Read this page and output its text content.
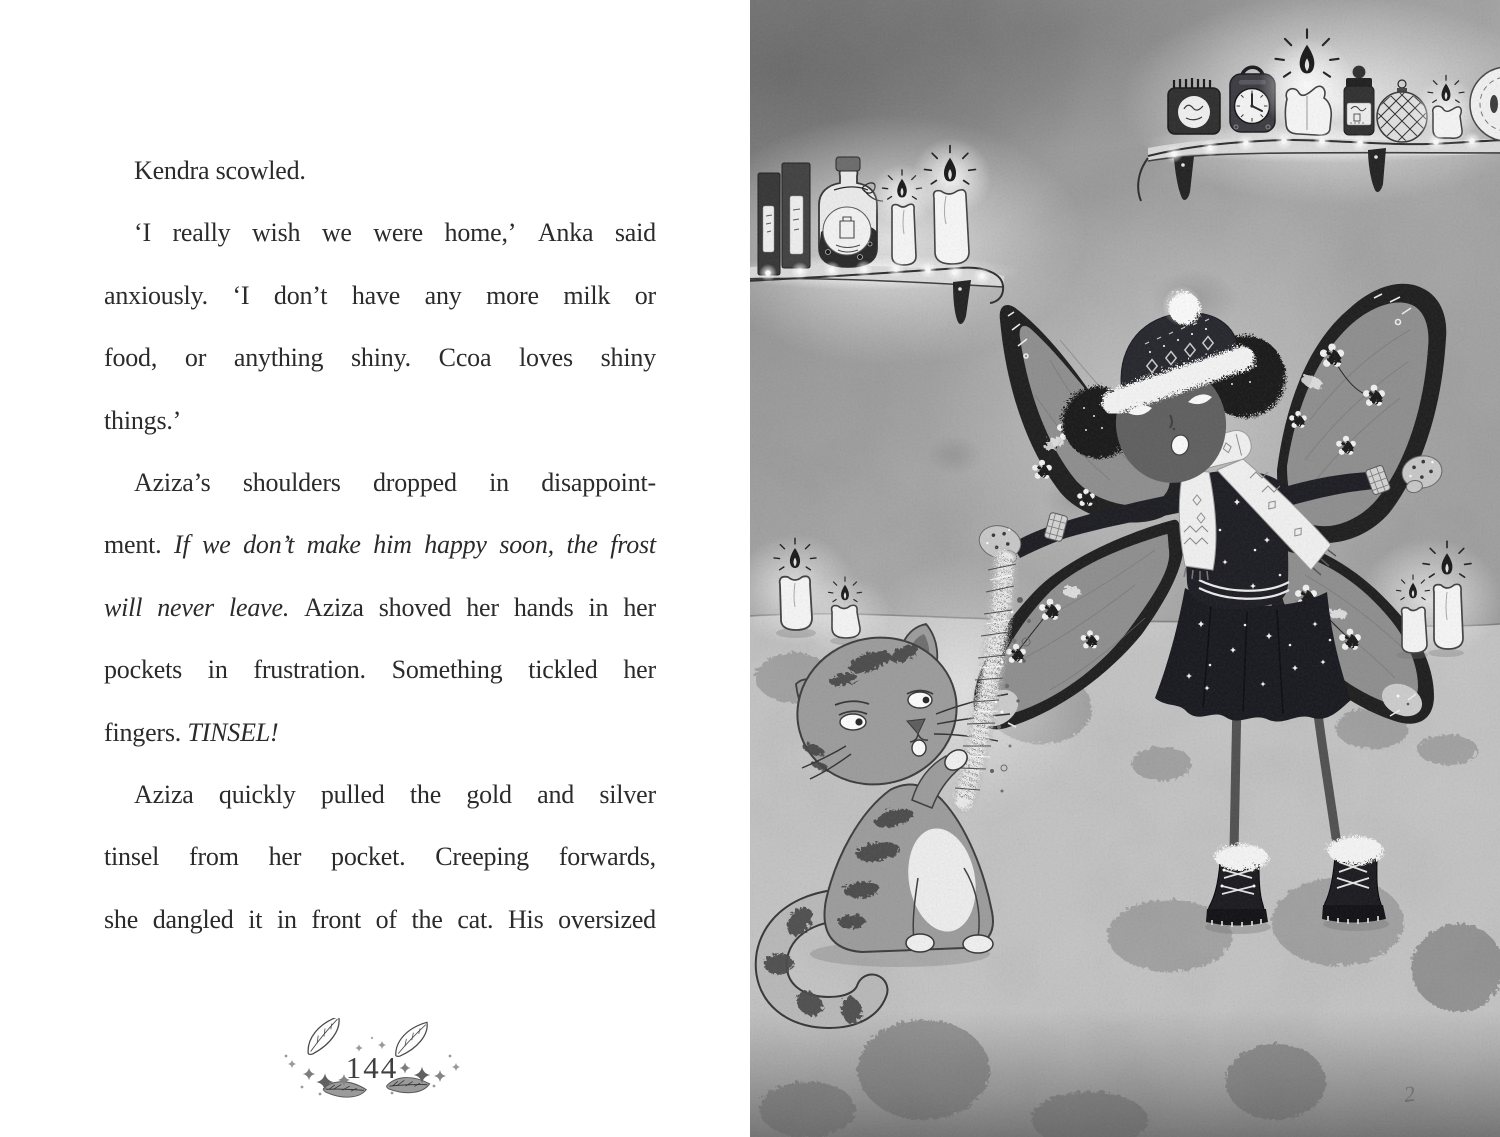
Kendra scowled.
‘I really wish we were home,’ Anka said
anxiously. ‘I don’t have any more milk or
food, or anything shiny. Ccoa loves shiny
things.’
Aziza’s shoulders dropped in disappoint-
ment. If we don’t make him happy soon, the frost
will never leave. Aziza shoved her hands in her
pockets in frustration. Something tickled her
fingers. TINSEL!
Aziza quickly pulled the gold and silver
tinsel from her pocket. Creeping forwards,
she dangled it in front of the cat. His oversized
144
2
